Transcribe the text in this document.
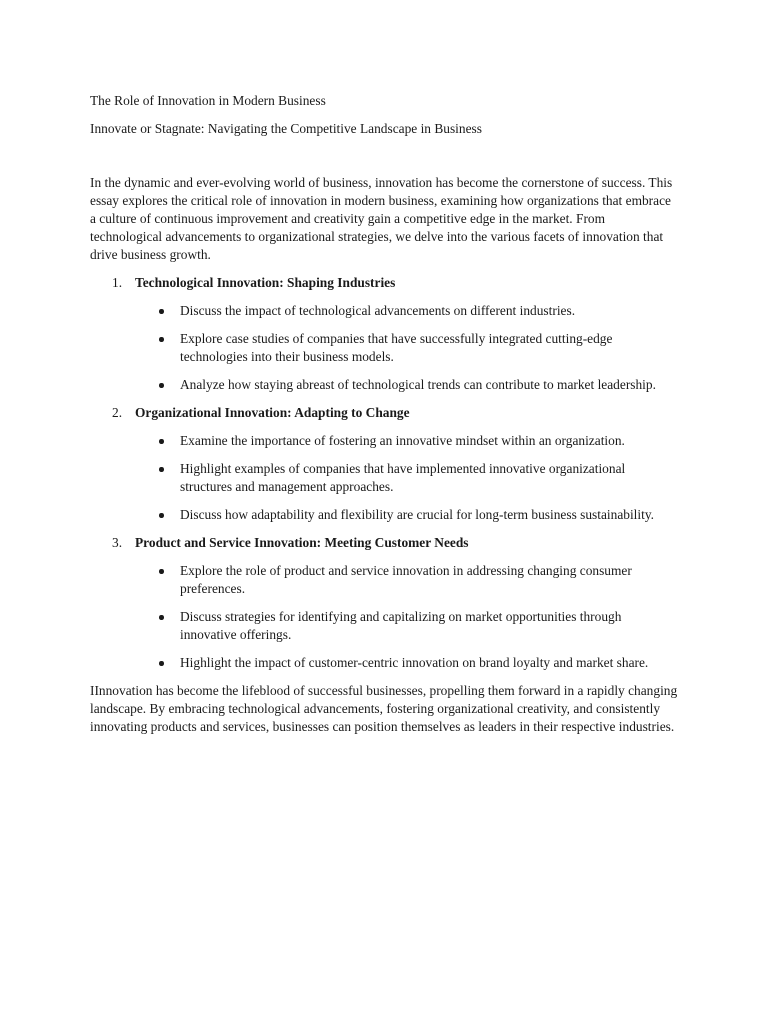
The Role of Innovation in Modern Business
Innovate or Stagnate: Navigating the Competitive Landscape in Business

In the dynamic and ever-evolving world of business, innovation has become the cornerstone of success. This essay explores the critical role of innovation in modern business, examining how organizations that embrace a culture of continuous improvement and creativity gain a competitive edge in the market. From technological advancements to organizational strategies, we delve into the various facets of innovation that drive business growth.

1. Technological Innovation: Shaping Industries
Discuss the impact of technological advancements on different industries.
Explore case studies of companies that have successfully integrated cutting-edge technologies into their business models.
Analyze how staying abreast of technological trends can contribute to market leadership.
2. Organizational Innovation: Adapting to Change
Examine the importance of fostering an innovative mindset within an organization.
Highlight examples of companies that have implemented innovative organizational structures and management approaches.
Discuss how adaptability and flexibility are crucial for long-term business sustainability.
3. Product and Service Innovation: Meeting Customer Needs
Explore the role of product and service innovation in addressing changing consumer preferences.
Discuss strategies for identifying and capitalizing on market opportunities through innovative offerings.
Highlight the impact of customer-centric innovation on brand loyalty and market share.

IInnovation has become the lifeblood of successful businesses, propelling them forward in a rapidly changing landscape. By embracing technological advancements, fostering organizational creativity, and consistently innovating products and services, businesses can position themselves as leaders in their respective industries.
